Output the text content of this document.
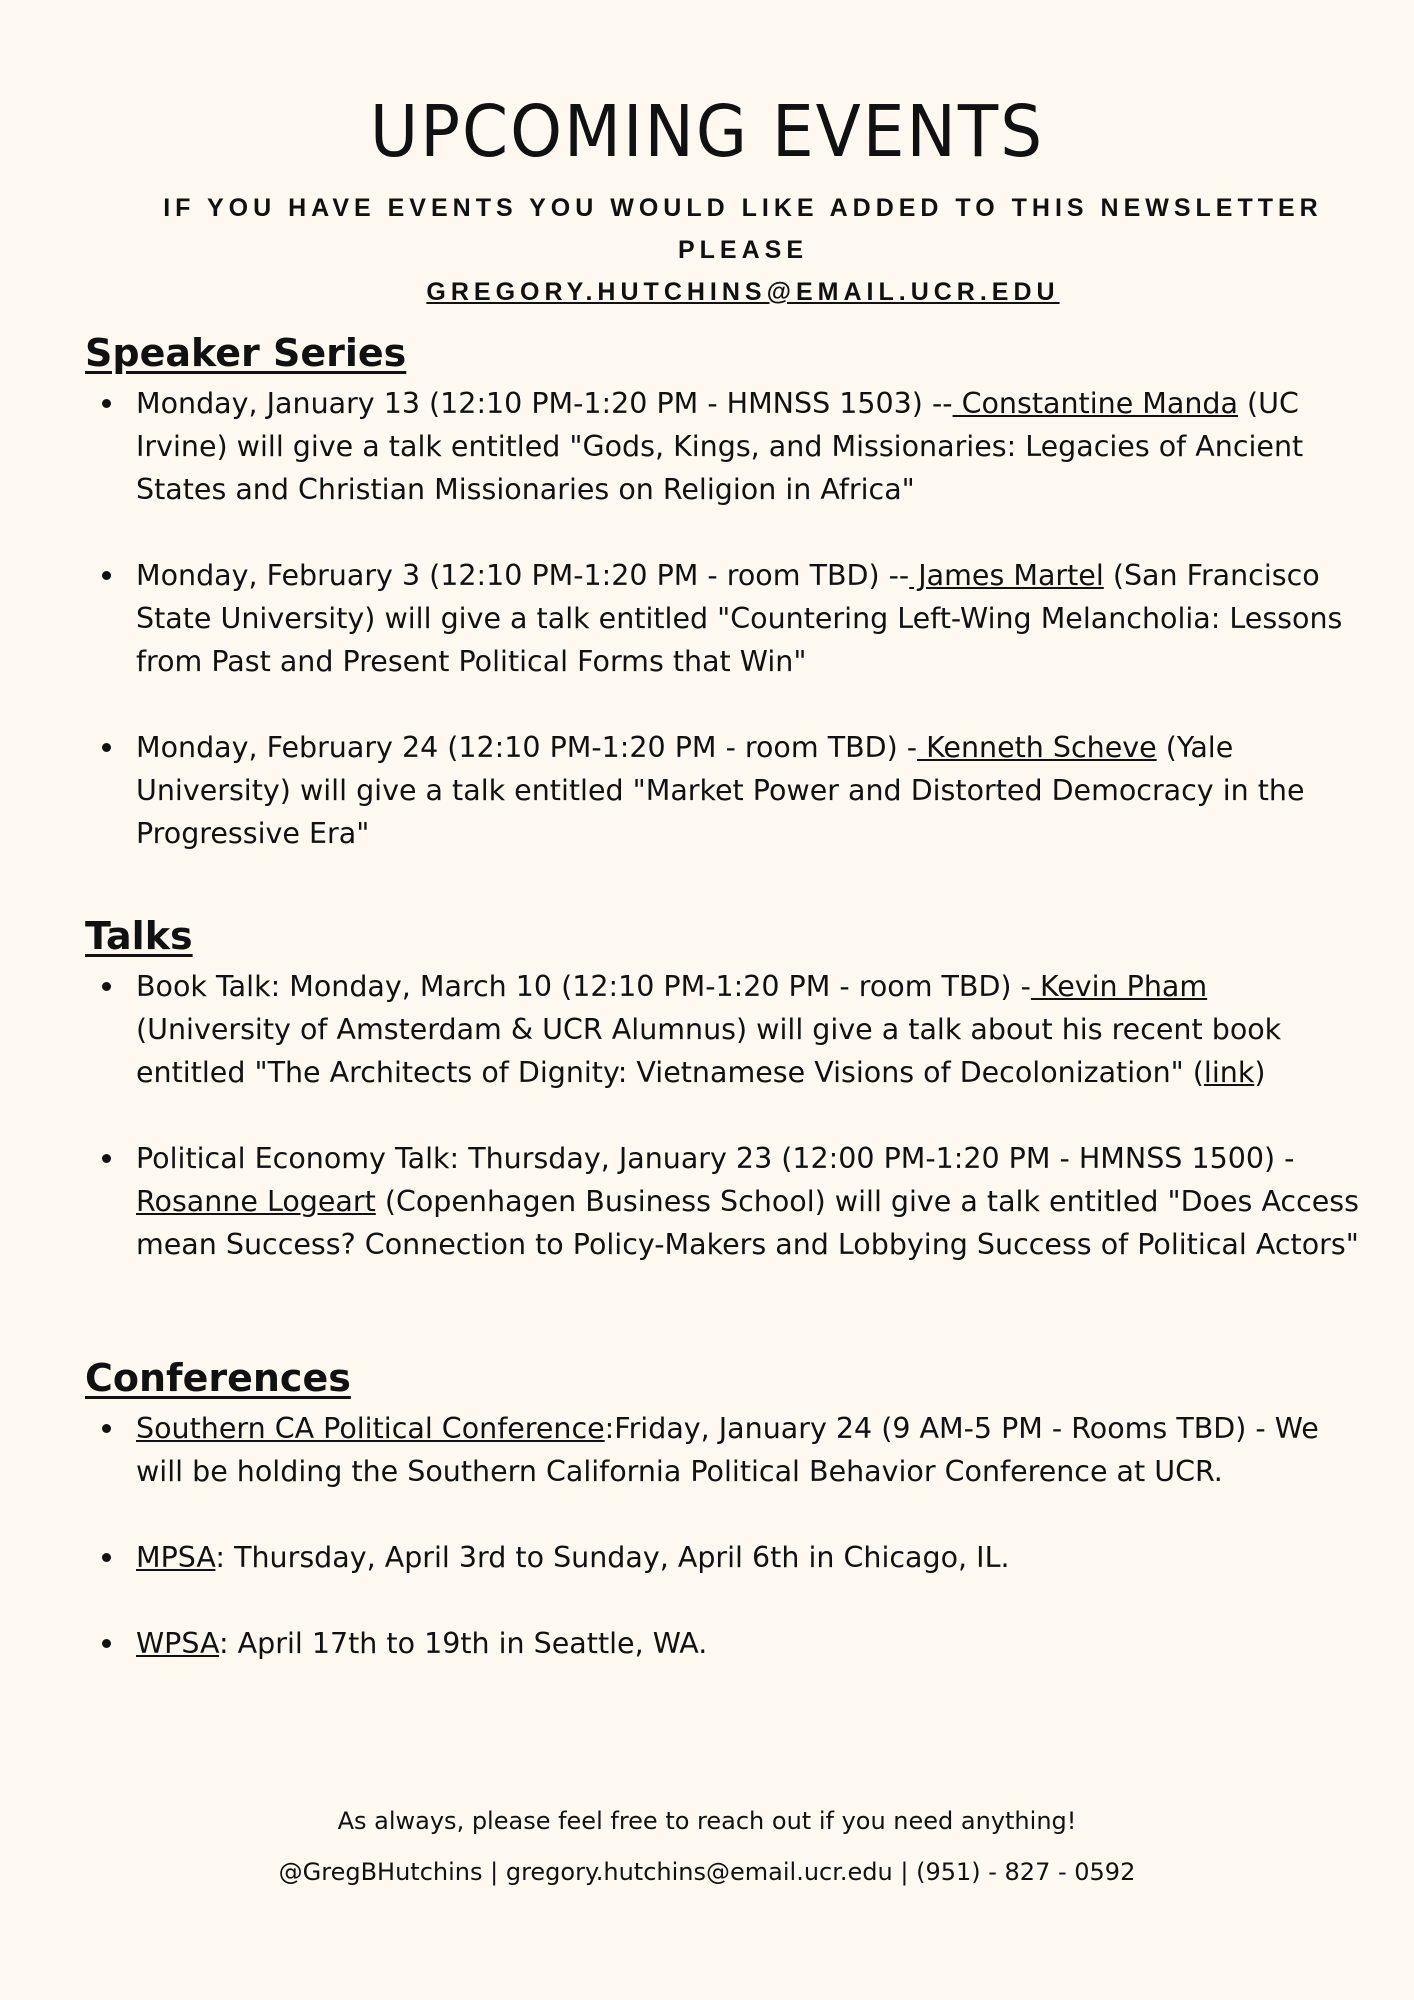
UPCOMING EVENTS

IF YOU HAVE EVENTS YOU WOULD LIKE ADDED TO THIS NEWSLETTER PLEASE
GREGORY.HUTCHINS@EMAIL.UCR.EDU

Speaker Series
Monday, January 13 (12:10 PM-1:20 PM - HMNSS 1503) -- Constantine Manda (UC Irvine) will give a talk entitled "Gods, Kings, and Missionaries: Legacies of Ancient States and Christian Missionaries on Religion in Africa"
Monday, February 3 (12:10 PM-1:20 PM - room TBD) -- James Martel (San Francisco State University) will give a talk entitled "Countering Left-Wing Melancholia: Lessons from Past and Present Political Forms that Win"
Monday, February 24 (12:10 PM-1:20 PM - room TBD) - Kenneth Scheve (Yale University) will give a talk entitled "Market Power and Distorted Democracy in the Progressive Era"
Talks
Book Talk: Monday, March 10 (12:10 PM-1:20 PM - room TBD) - Kevin Pham (University of Amsterdam & UCR Alumnus) will give a talk about his recent book entitled "The Architects of Dignity: Vietnamese Visions of Decolonization" (link)
Political Economy Talk: Thursday, January 23 (12:00 PM-1:20 PM - HMNSS 1500) - Rosanne Logeart (Copenhagen Business School) will give a talk entitled "Does Access mean Success? Connection to Policy-Makers and Lobbying Success of Political Actors"
Conferences
Southern CA Political Conference:Friday, January 24 (9 AM-5 PM - Rooms TBD) - We will be holding the Southern California Political Behavior Conference at UCR.
MPSA: Thursday, April 3rd to Sunday, April 6th in Chicago, IL.
WPSA: April 17th to 19th in Seattle, WA.
As always, please feel free to reach out if you need anything!
@GregBHutchins | gregory.hutchins@email.ucr.edu | (951) - 827 - 0592
